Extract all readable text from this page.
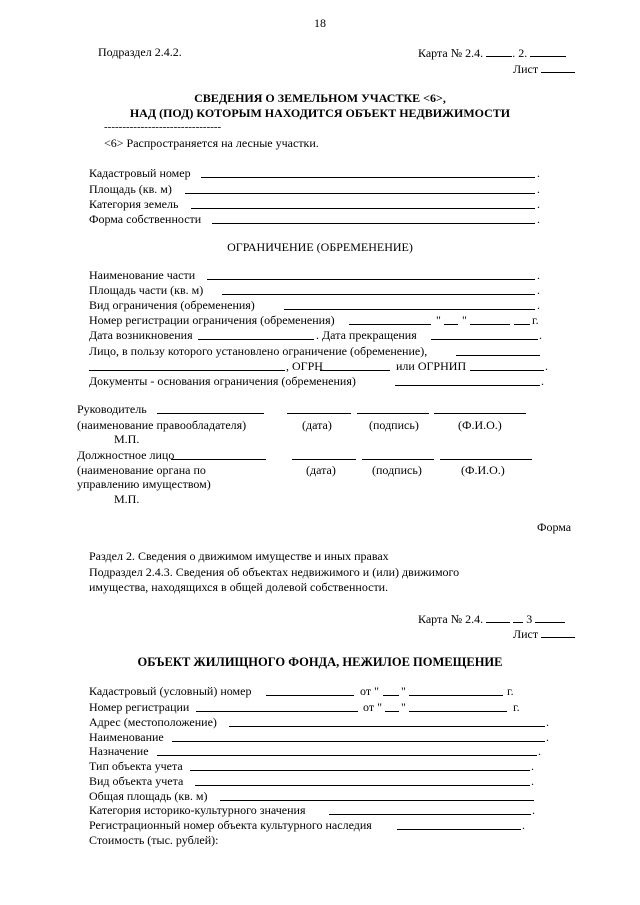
18
Подраздел 2.4.2.	Карта № 2.4. . 2.
Лист
СВЕДЕНИЯ О ЗЕМЕЛЬНОМ УЧАСТКЕ <6>,
НАД (ПОД) КОТОРЫМ НАХОДИТСЯ ОБЪЕКТ НЕДВИЖИМОСТИ
--------------------------------
<6> Распространяется на лесные участки.
Кадастровый номер	.
Площадь (кв. м)	.
Категория земель	.
Форма собственности	.
ОГРАНИЧЕНИЕ (ОБРЕМЕНЕНИЕ)
Наименование части	.
Площадь части (кв. м)	.
Вид ограничения (обременения)	.
Номер регистрации ограничения (обременения)	" "	г.
Дата возникновения	. Дата прекращения	.
Лицо, в пользу которого установлено ограничение (обременение),
, ОГРН	или ОГРНИП	.
Документы - основания ограничения (обременения)	.
Руководитель
(наименование правообладателя)	(дата)	(подпись)	(Ф.И.О.)
М.П.
Должностное лицо
(наименование органа по	(дата)	(подпись)	(Ф.И.О.)
управлению имуществом)
М.П.
Форма
Раздел 2. Сведения о движимом имуществе и иных правах
Подраздел 2.4.3. Сведения об объектах недвижимого и (или) движимого
имущества, находящихся в общей долевой собственности.
Карта № 2.4.	3
Лист
ОБЪЕКТ ЖИЛИЩНОГО ФОНДА, НЕЖИЛОЕ ПОМЕЩЕНИЕ
Кадастровый (условный) номер	от " "	г.
Номер регистрации	от " "	г.
Адрес (местоположение)	.
Наименование	.
Назначение	.
Тип объекта учета	.
Вид объекта учета	.
Общая площадь (кв. м)
Категория историко-культурного значения	.
Регистрационный номер объекта культурного наследия	.
Стоимость (тыс. рублей):
